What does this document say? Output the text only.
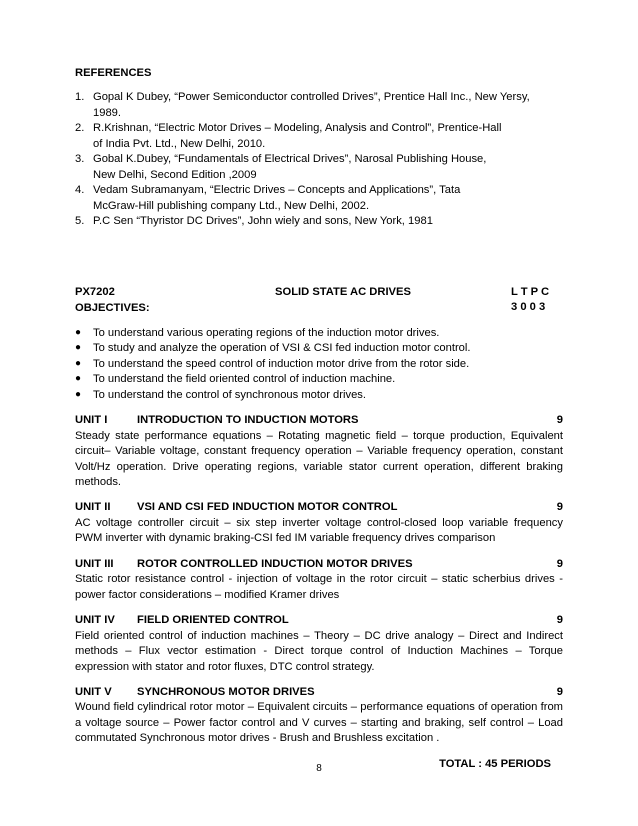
REFERENCES
1. Gopal K Dubey, “Power Semiconductor controlled Drives”, Prentice Hall Inc., New Yersy,
1989.
2. R.Krishnan, “Electric Motor Drives – Modeling, Analysis and Control”, Prentice-Hall
of India Pvt. Ltd., New Delhi, 2010.
3. Gobal K.Dubey, “Fundamentals of Electrical Drives”, Narosal Publishing House,
New Delhi, Second Edition ,2009
4. Vedam Subramanyam, “Electric Drives – Concepts and Applications”, Tata
McGraw-Hill publishing company Ltd., New Delhi, 2002.
5. P.C Sen “Thyristor DC Drives”, John wiely and sons, New York, 1981
PX7202	SOLID STATE AC DRIVES	L T P C
3 0 0 3
OBJECTIVES:
●	To understand various operating regions of the induction motor drives.
●	To study and analyze the operation of VSI & CSI fed induction motor control.
●	To understand the speed control of induction motor drive from the rotor side.
●	To understand the field oriented control of induction machine.
●	To understand the control of synchronous motor drives.
UNIT I	INTRODUCTION TO INDUCTION MOTORS	9
Steady state performance equations – Rotating magnetic field – torque production, Equivalent circuit– Variable voltage, constant frequency operation – Variable frequency operation, constant Volt/Hz operation. Drive operating regions, variable stator current operation, different braking methods.
UNIT II	VSI AND CSI FED INDUCTION MOTOR CONTROL	9
AC voltage controller circuit – six step inverter voltage control-closed loop variable frequency PWM inverter with dynamic braking-CSI fed IM variable frequency drives comparison
UNIT III	ROTOR CONTROLLED INDUCTION MOTOR DRIVES	9
Static rotor resistance control - injection of voltage in the rotor circuit – static scherbius drives - power factor considerations – modified Kramer drives
UNIT IV	FIELD ORIENTED CONTROL	9
Field oriented control of induction machines – Theory – DC drive analogy – Direct and Indirect methods – Flux vector estimation - Direct torque control of Induction Machines – Torque expression with stator and rotor fluxes, DTC control strategy.
UNIT V	SYNCHRONOUS MOTOR DRIVES	9
Wound field cylindrical rotor motor – Equivalent circuits – performance equations of operation from a voltage source – Power factor control and V curves – starting and braking, self control – Load commutated Synchronous motor drives - Brush and Brushless excitation .
TOTAL : 45 PERIODS
8
